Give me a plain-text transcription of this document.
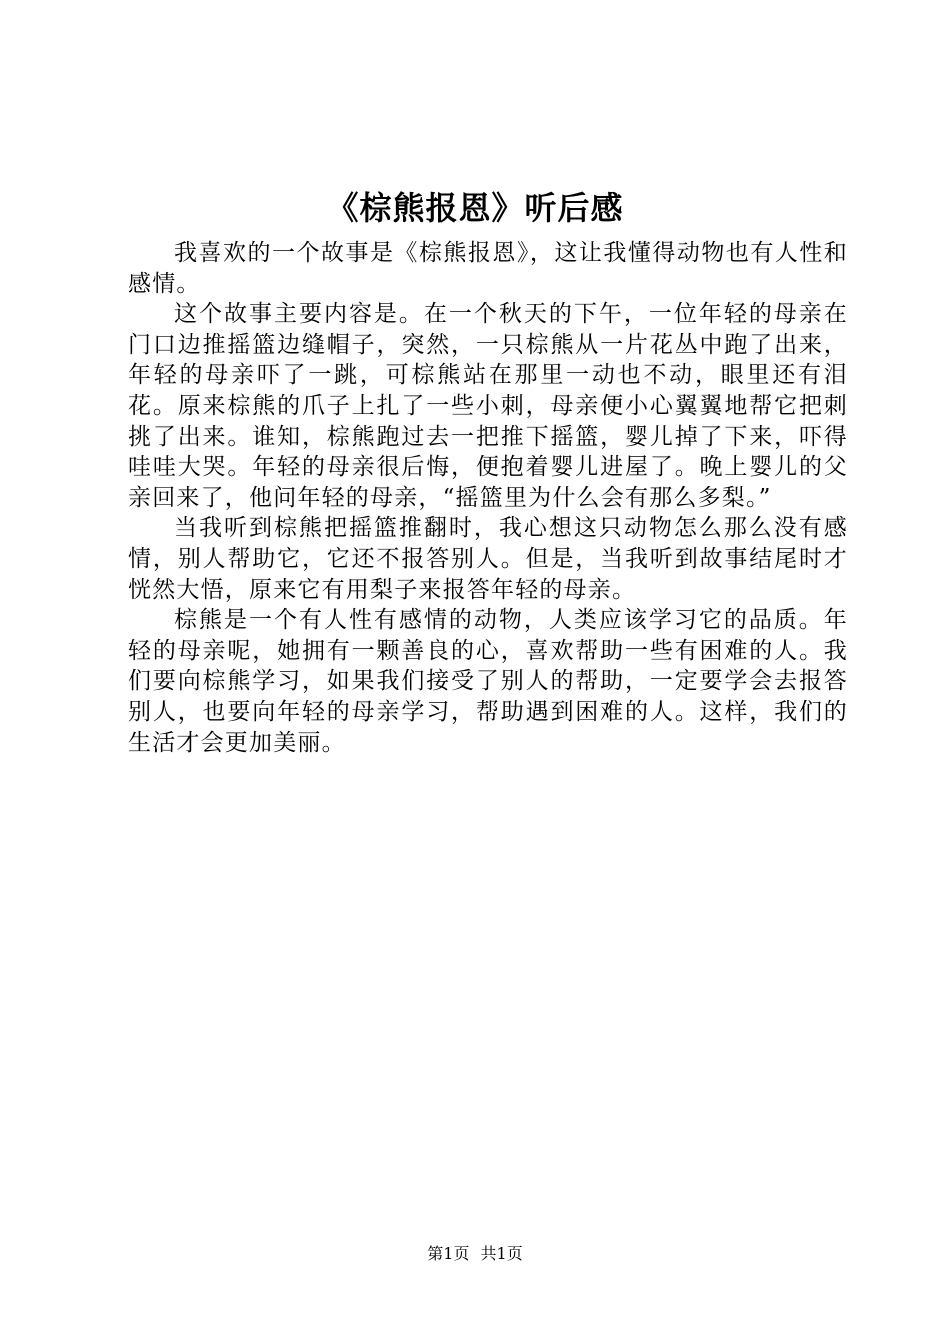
《棕熊报恩》听后感

我喜欢的一个故事是《棕熊报恩》，这让我懂得动物也有人性和感情。

这个故事主要内容是。在一个秋天的下午，一位年轻的母亲在门口边推摇篮边缝帽子，突然，一只棕熊从一片花丛中跑了出来，年轻的母亲吓了一跳，可棕熊站在那里一动也不动，眼里还有泪花。原来棕熊的爪子上扎了一些小刺，母亲便小心翼翼地帮它把刺挑了出来。谁知，棕熊跑过去一把推下摇篮，婴儿掉了下来，吓得哇哇大哭。年轻的母亲很后悔，便抱着婴儿进屋了。晚上婴儿的父亲回来了，他问年轻的母亲，“摇篮里为什么会有那么多梨。”

当我听到棕熊把摇篮推翻时，我心想这只动物怎么那么没有感情，别人帮助它，它还不报答别人。但是，当我听到故事结尾时才恍然大悟，原来它有用梨子来报答年轻的母亲。

棕熊是一个有人性有感情的动物，人类应该学习它的品质。年轻的母亲呢，她拥有一颗善良的心，喜欢帮助一些有困难的人。我们要向棕熊学习，如果我们接受了别人的帮助，一定要学会去报答别人，也要向年轻的母亲学习，帮助遇到困难的人。这样，我们的生活才会更加美丽。

第1页 共1页
